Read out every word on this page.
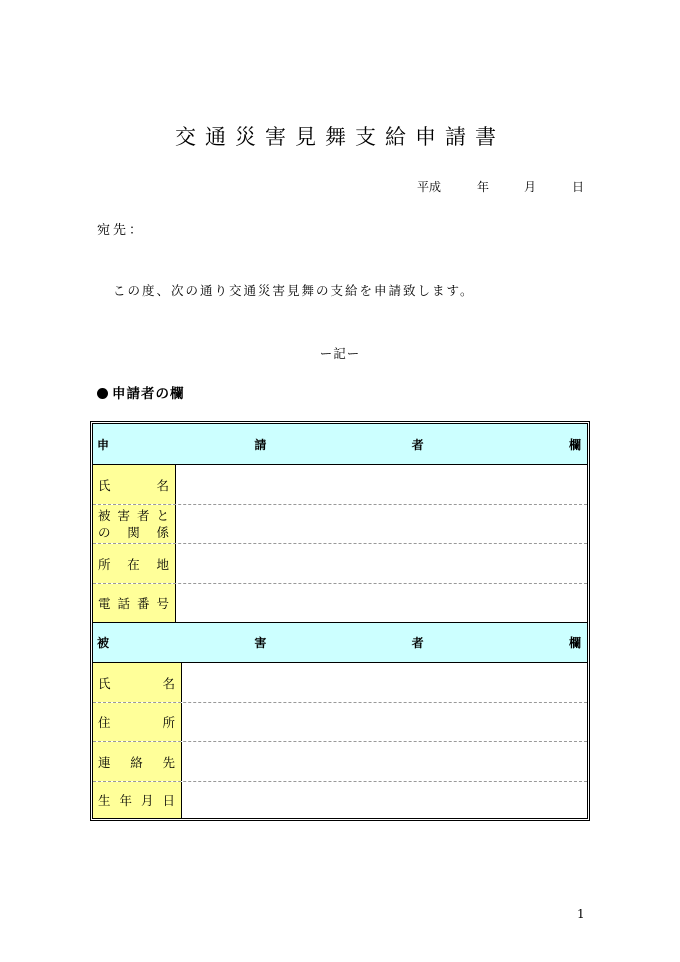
交通災害見舞支給申請書
平成	年	月	日
宛先：
この度、次の通り交通災害見舞の支給を申請致します。
ー記ー
申請者の欄
申	請	者	欄
氏	名
被 害 者 と
の 関 係
所 在 地
電 話 番 号
被	害	者	欄
氏	名
住	所
連 絡 先
生 年 月 日
1
